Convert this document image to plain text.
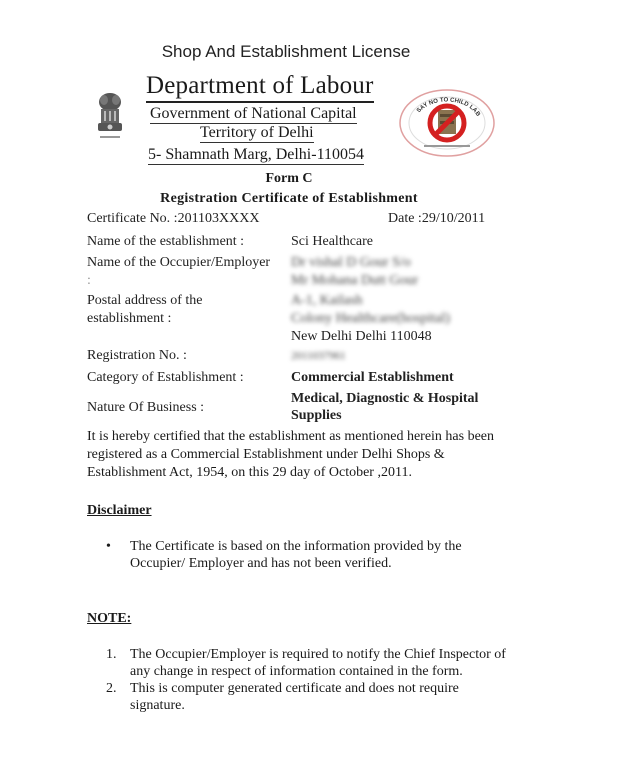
Shop And Establishment License
Department of Labour
Government of National Capital
Territory of Delhi
5- Shamnath Marg, Delhi-110054
SAY NO TO CHILD LAB
Form C
Registration Certificate of Establishment
Certificate No. :201103XXXX	Date :29/10/2011
Name of the establishment :	Sci Healthcare
Name of the Occupier/Employer
:
Dr vishal D Gour S/o
Mr Mohana Dutt Gour
Postal address of the
establishment :
A-1, Kailash
Colony Healthcare(hospital)
New Delhi Delhi 110048
Registration No. :	2011037961
Category of Establishment :	Commercial Establishment
Nature Of Business :
Medical, Diagnostic & Hospital
Supplies
It is hereby certified that the establishment as mentioned herein has been registered as a Commercial Establishment under Delhi Shops & Establishment Act, 1954, on this 29 day of October ,2011.
Disclaimer
•	The Certificate is based on the information provided by the Occupier/ Employer and has not been verified.
NOTE:
1. The Occupier/Employer is required to notify the Chief Inspector of any change in respect of information contained in the form.
2. This is computer generated certificate and does not require signature.
